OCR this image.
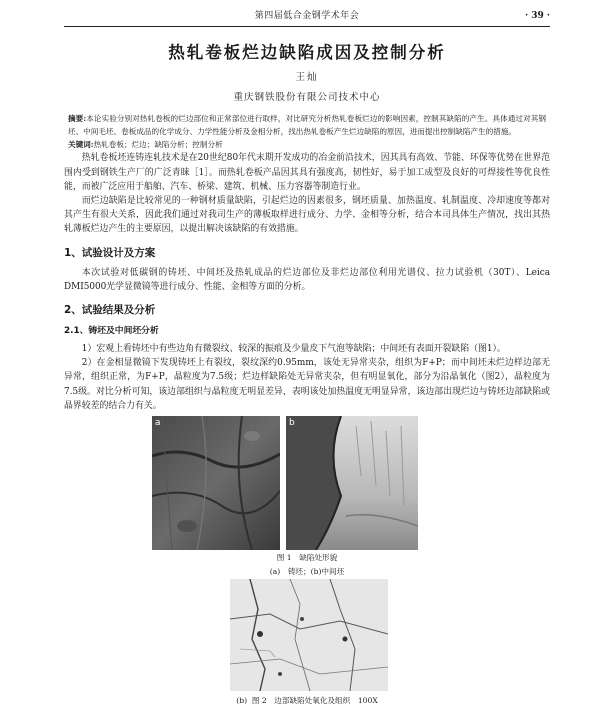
第四届低合金钢学术年会	· 39 ·
热轧卷板烂边缺陷成因及控制分析
王灿
重庆钢铁股份有限公司技术中心
摘要:本论实验分别对热轧卷板的烂边部位和正常部位进行取样，对比研究分析热轧卷板烂边的影响因素，控制其缺陷的产生。具体通过对其钢坯、中间毛坯、卷板成品的化学成分、力学性能分析及金相分析，找出热轧卷板产生烂边缺陷的原因，进而提出控制缺陷产生的措施。
关键词:热轧卷板；烂边；缺陷分析；控制分析

热轧卷板坯连铸连轧技术是在20世纪80年代末期开发成功的冶金前沿技术，因其具有高效、节能、环保等优势在世界范围内受到钢铁生产厂的广泛青睐［1］。而热轧卷板产品因其具有强度高，韧性好，易于加工成型及良好的可焊接性等优良性能，而被广泛应用于船舶、汽车、桥梁、建筑、机械、压力容器等制造行业。

而烂边缺陷是比较常见的一种钢材质量缺陷，引起烂边的因素很多，钢坯质量、加热温度、轧制温度、冷却速度等都对其产生有很大关系，因此我们通过对我司生产的薄板取样进行成分、力学、金相等分析，结合本司具体生产情况，找出其热轧薄板烂边产生的主要原因，以提出解决该缺陷的有效措施。

1、试验设计及方案

本次试验对低碳钢的铸坯、中间坯及热轧成品的烂边部位及非烂边部位利用光谱仪、拉力试验机（30T）、Leica DMI5000光学显微镜等进行成分、性能、金相等方面的分析。

2、试验结果及分析
2.1、铸坯及中间坯分析

1）宏观上看铸坯中有些边角有微裂纹、较深的振痕及少量皮下气泡等缺陷；中间坯有表面开裂缺陷（图1）。

2）在金相显微镜下发现铸坯上有裂纹，裂纹深约0.95mm，该处无异常夹杂，组织为F+P；而中间坯未烂边样边部无异常，组织正常，为F+P，晶粒度为7.5级；烂边样缺陷处无异常夹杂，但有明显氧化，部分为沿晶氧化（图2），晶粒度为7.5级。对比分析可知，该边部组织与晶粒度无明显差异，表明该处加热温度无明显异常，该边部出现烂边与铸坯边部缺陷或晶界较差的结合力有关。

a	b
图 1　缺陷处形貌
(a)　铸坯；(b)中间坯
(b) 图 2　边部缺陷处氧化及组织　100X
